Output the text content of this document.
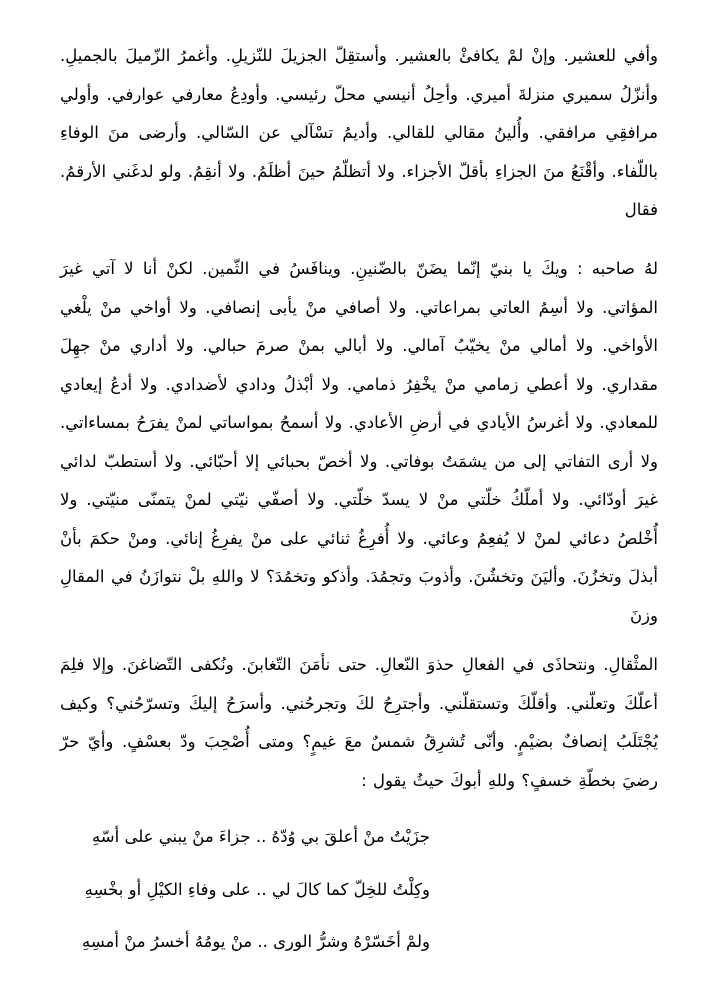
وأفي للعشير. وإنْ لمْ يكافئْ بالعشير. وأستقِلّ الجزيلَ للنّزيلِ. وأغمرُ الزّميلَ بالجميلِ. وأنزّلُ سميري منزلةَ أميري. وأحِلُ أنيسي محلّ رئيسي. وأودِعُ معارفي عوارفي. وأولي مرافقِي مرافقي. وأُلينُ مقالي للقالي. وأديمُ تسْآلي عن السّالي. وأرضى منَ الوفاءِ باللّفاء. وأقْنَعُ منَ الجزاءِ بأقلّ الأجزاء. ولا أتظلّمُ حينَ أظلَمُ. ولا أنقِمُ. ولو لدغَني الأرقمُ. فقال

لهُ صاحبه : ويكَ يا بنيّ إنّما يضَنّ بالضّنينِ. وينافَسُ في الثّمين. لكنْ أنا لا آتي غيرَ المؤاتي. ولا أسِمُ العاتي بمراعاتي. ولا أصافي منْ يأبى إنصافي. ولا أواخي منْ يلْغي الأواخي. ولا أمالي منْ يخيّبُ آمالي. ولا أبالي بمنْ صرمَ حبالي. ولا أداري منْ جهِلَ مقداري. ولا أعطي زمامي منْ يخْفِرُ ذمامي. ولا أبْذلُ ودادي لأضدادي. ولا أدعُ إيعادي للمعادي. ولا أغرسُ الأيادي في أرضِ الأعادي. ولا أسمحُ بمواساتي لمنْ يفرَحُ بمساءاتي. ولا أرى التفاتي إلى من يشمَتُ بوفاتي. ولا أخصّ بحبائي إلا أحبّائي. ولا أستطبّ لدائي غيرَ أودّائي. ولا أملّكُ خلّتي منْ لا يسدّ خلّتي. ولا أصفّي نيّتي لمنْ يتمنّى منيّتي. ولا أُخْلصُ دعائي لمنْ لا يُفعِمُ وعائي. ولا أُفرِغُ ثنائي على منْ يفرِغُ إنائي. ومنْ حكمَ بأنْ أبذلَ وتخزُنَ. وأليَنَ وتخشُنَ. وأذوبَ وتجمُدَ. وأذكو وتخمُدَ؟ لا واللهِ بلْ نتوازَنُ في المقالِ وزنَ

المثْقالِ. ونتحاذَى في الفعالِ حذوَ النّعالِ. حتى نأمَنَ التّغابنَ. ونُكفى التّضاغنَ. وإلا فلِمَ أعلّكَ وتعلّني. وأقلّكَ وتستقلّني. وأجترِحُ لكَ وتجرحُني. وأسرَحُ إليكَ وتسرّحُني؟ وكيف يُجْتَلَبُ إنصافٌ بضيْمٍ. وأنّى تُشرِقُ شمسٌ معَ غيمٍ؟ ومتى أُصْحِبَ ودّ بعسْفٍ. وأيّ حرّ رضيَ بخطّةِ خسفٍ؟ وللهِ أبوكَ حيثُ يقول :

جزَيْتُ منْ أعلقَ بي وُدّهُ .. جزاءَ منْ يبني على أسّهِ
وكِلْتُ للخِلّ كما كالَ لي .. على وفاءِ الكيْلِ أو بخْسِهِ
ولمْ أخَسّرْهُ وشرُّ الورى .. منْ يومُهُ أخسرُ منْ أمسِهِ
